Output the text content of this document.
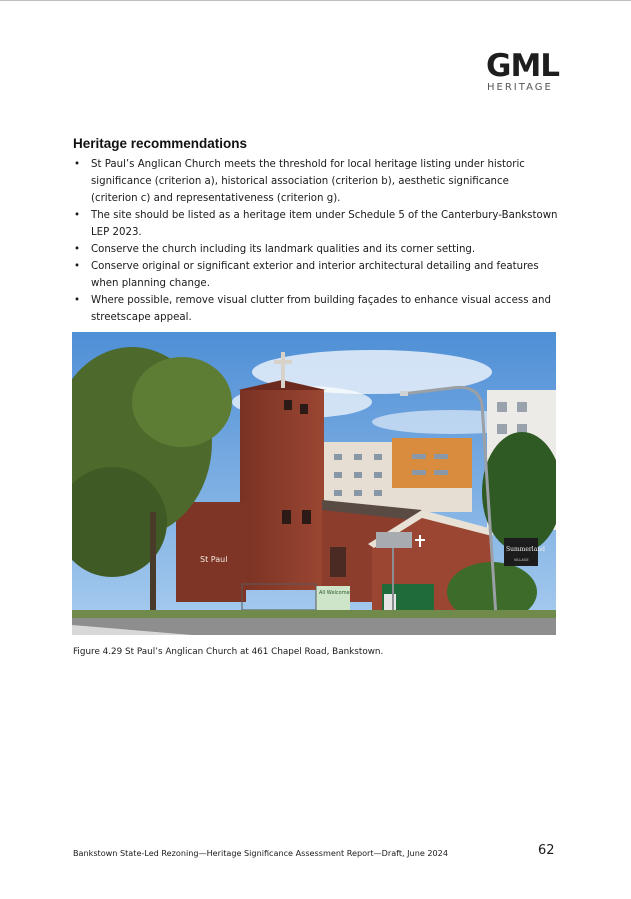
GML
HERITAGE
Heritage recommendations
• St Paul’s Anglican Church meets the threshold for local heritage listing under historic significance (criterion a), historical association (criterion b), aesthetic significance (criterion c) and representativeness (criterion g).
• The site should be listed as a heritage item under Schedule 5 of the Canterbury-Bankstown LEP 2023.
• Conserve the church including its landmark qualities and its corner setting.
• Conserve original or significant exterior and interior architectural detailing and features when planning change.
• Where possible, remove visual clutter from building façades to enhance visual access and streetscape appeal.
St Paul
All Welcome
Summerland
VILLAGE
Figure 4.29 St Paul’s Anglican Church at 461 Chapel Road, Bankstown.
Bankstown State-Led Rezoning—Heritage Significance Assessment Report—Draft, June 2024	62
